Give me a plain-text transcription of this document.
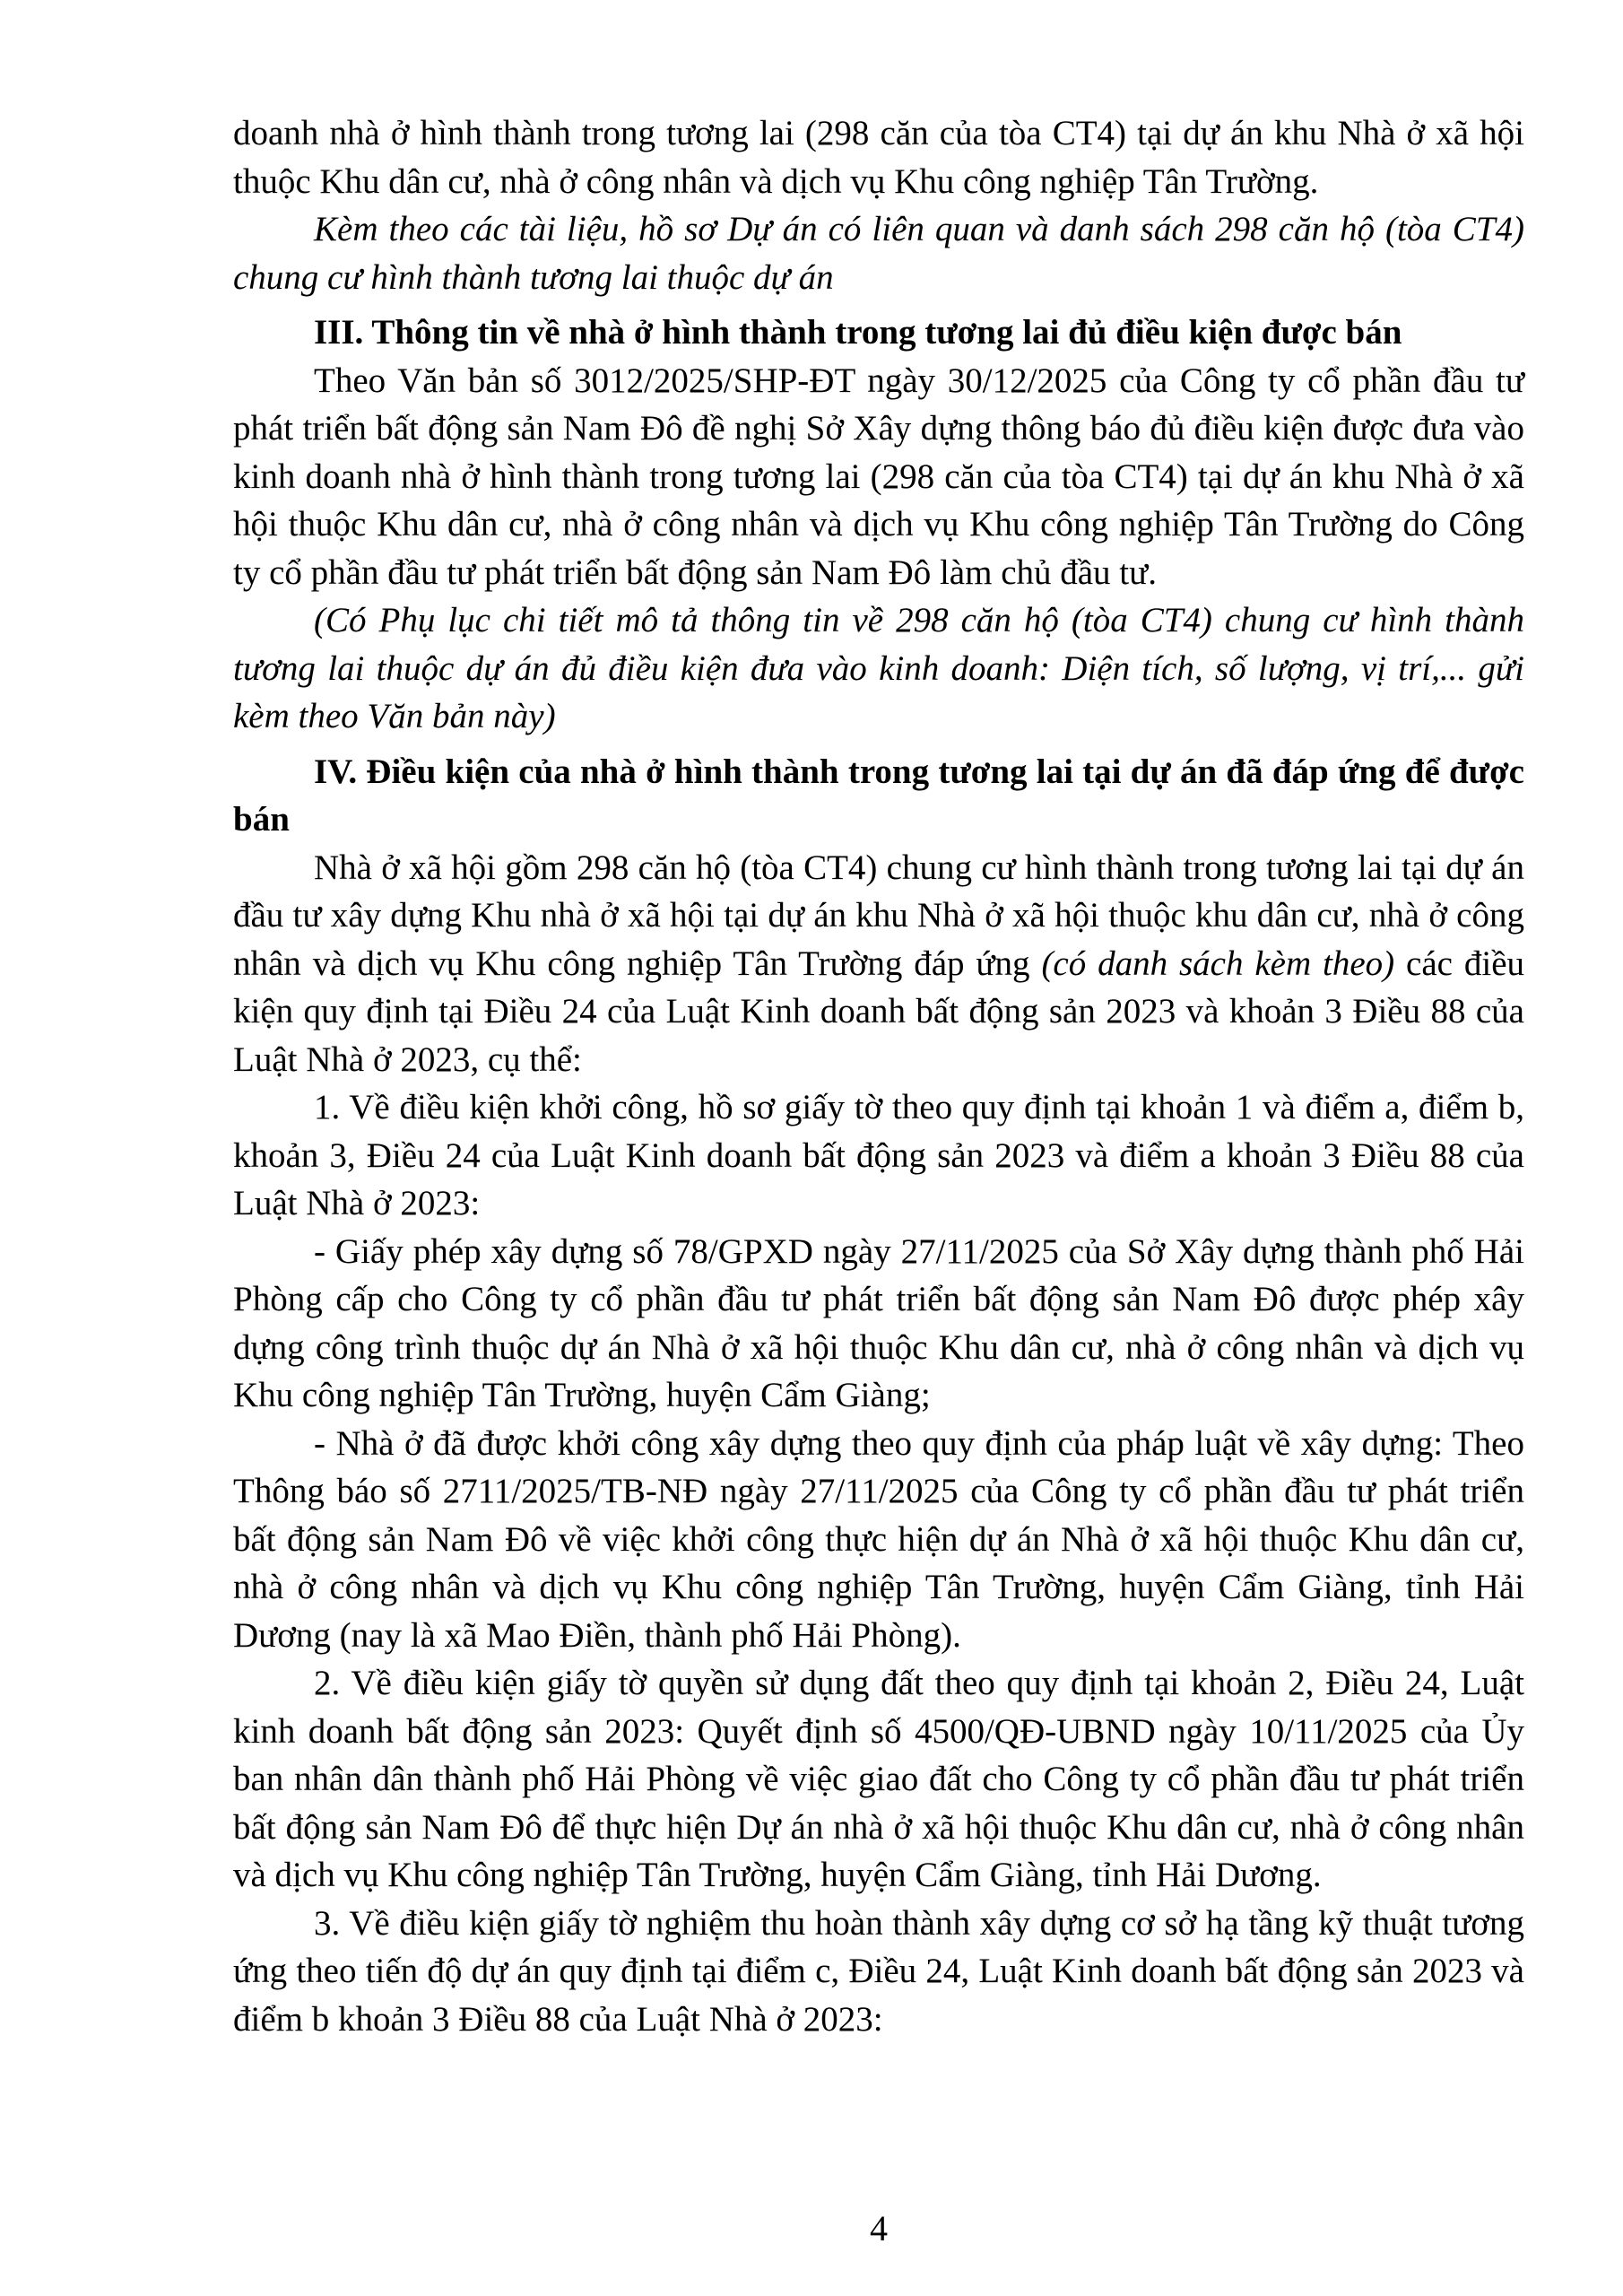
doanh nhà ở hình thành trong tương lai (298 căn của tòa CT4) tại dự án khu Nhà ở xã hội thuộc Khu dân cư, nhà ở công nhân và dịch vụ Khu công nghiệp Tân Trường.

Kèm theo các tài liệu, hồ sơ Dự án có liên quan và danh sách 298 căn hộ (tòa CT4) chung cư hình thành tương lai thuộc dự án

III. Thông tin về nhà ở hình thành trong tương lai đủ điều kiện được bán

Theo Văn bản số 3012/2025/SHP-ĐT ngày 30/12/2025 của Công ty cổ phần đầu tư phát triển bất động sản Nam Đô đề nghị Sở Xây dựng thông báo đủ điều kiện được đưa vào kinh doanh nhà ở hình thành trong tương lai (298 căn của tòa CT4) tại dự án khu Nhà ở xã hội thuộc Khu dân cư, nhà ở công nhân và dịch vụ Khu công nghiệp Tân Trường do Công ty cổ phần đầu tư phát triển bất động sản Nam Đô làm chủ đầu tư.

(Có Phụ lục chi tiết mô tả thông tin về 298 căn hộ (tòa CT4) chung cư hình thành tương lai thuộc dự án đủ điều kiện đưa vào kinh doanh: Diện tích, số lượng, vị trí,... gửi kèm theo Văn bản này)

IV. Điều kiện của nhà ở hình thành trong tương lai tại dự án đã đáp ứng để được bán

Nhà ở xã hội gồm 298 căn hộ (tòa CT4) chung cư hình thành trong tương lai tại dự án đầu tư xây dựng Khu nhà ở xã hội tại dự án khu Nhà ở xã hội thuộc khu dân cư, nhà ở công nhân và dịch vụ Khu công nghiệp Tân Trường đáp ứng (có danh sách kèm theo) các điều kiện quy định tại Điều 24 của Luật Kinh doanh bất động sản 2023 và khoản 3 Điều 88 của Luật Nhà ở 2023, cụ thể:

1. Về điều kiện khởi công, hồ sơ giấy tờ theo quy định tại khoản 1 và điểm a, điểm b, khoản 3, Điều 24 của Luật Kinh doanh bất động sản 2023 và điểm a khoản 3 Điều 88 của Luật Nhà ở 2023:

- Giấy phép xây dựng số 78/GPXD ngày 27/11/2025 của Sở Xây dựng thành phố Hải Phòng cấp cho Công ty cổ phần đầu tư phát triển bất động sản Nam Đô được phép xây dựng công trình thuộc dự án Nhà ở xã hội thuộc Khu dân cư, nhà ở công nhân và dịch vụ Khu công nghiệp Tân Trường, huyện Cẩm Giàng;

- Nhà ở đã được khởi công xây dựng theo quy định của pháp luật về xây dựng: Theo Thông báo số 2711/2025/TB-NĐ ngày 27/11/2025 của Công ty cổ phần đầu tư phát triển bất động sản Nam Đô về việc khởi công thực hiện dự án Nhà ở xã hội thuộc Khu dân cư, nhà ở công nhân và dịch vụ Khu công nghiệp Tân Trường, huyện Cẩm Giàng, tỉnh Hải Dương (nay là xã Mao Điền, thành phố Hải Phòng).

2. Về điều kiện giấy tờ quyền sử dụng đất theo quy định tại khoản 2, Điều 24, Luật kinh doanh bất động sản 2023: Quyết định số 4500/QĐ-UBND ngày 10/11/2025 của Ủy ban nhân dân thành phố Hải Phòng về việc giao đất cho Công ty cổ phần đầu tư phát triển bất động sản Nam Đô để thực hiện Dự án nhà ở xã hội thuộc Khu dân cư, nhà ở công nhân và dịch vụ Khu công nghiệp Tân Trường, huyện Cẩm Giàng, tỉnh Hải Dương.

3. Về điều kiện giấy tờ nghiệm thu hoàn thành xây dựng cơ sở hạ tầng kỹ thuật tương ứng theo tiến độ dự án quy định tại điểm c, Điều 24, Luật Kinh doanh bất động sản 2023 và điểm b khoản 3 Điều 88 của Luật Nhà ở 2023:

4
